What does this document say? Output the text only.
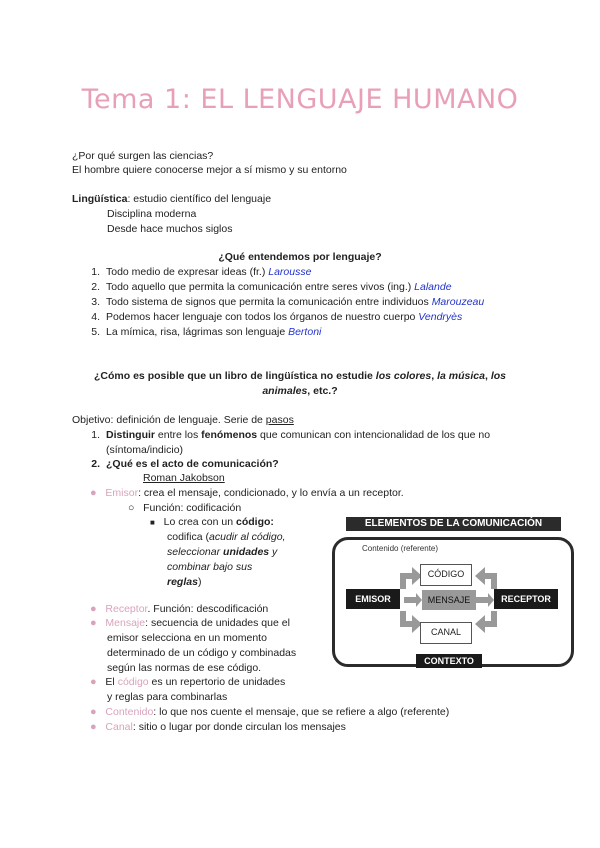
Tema 1: EL LENGUAJE HUMANO
¿Por qué surgen las ciencias?
El hombre quiere conocerse mejor a sí mismo y su entorno
Lingüística: estudio científico del lenguaje
Disciplina moderna
Desde hace muchos siglos
¿Qué entendemos por lenguaje?
1. Todo medio de expresar ideas (fr.) Larousse
2. Todo aquello que permita la comunicación entre seres vivos (ing.) Lalande
3. Todo sistema de signos que permita la comunicación entre individuos Marouzeau
4. Podemos hacer lenguaje con todos los órganos de nuestro cuerpo Vendryès
5. La mímica, risa, lágrimas son lenguaje Bertoni
¿Cómo es posible que un libro de lingüística no estudie los colores, la música, los
animales, etc.?
Objetivo: definición de lenguaje. Serie de pasos
1. Distinguir entre los fenómenos que comunican con intencionalidad de los que no
(síntoma/indicio)
2. ¿Qué es el acto de comunicación?
Roman Jakobson
● Emisor: crea el mensaje, condicionado, y lo envía a un receptor.
○ Función: codificación
■ Lo crea con un código:
codifica (acudir al código,
seleccionar unidades y
combinar bajo sus
reglas)
● Receptor. Función: descodificación
● Mensaje: secuencia de unidades que el
emisor selecciona en un momento
determinado de un código y combinadas
según las normas de ese código.
● El código es un repertorio de unidades
y reglas para combinarlas
● Contenido: lo que nos cuente el mensaje, que se refiere a algo (referente)
● Canal: sitio o lugar por donde circulan los mensajes
ELEMENTOS DE LA COMUNICACIÓN
Contenido (referente)
CÓDIGO
EMISOR	MENSAJE	RECEPTOR
CANAL
CONTEXTO
